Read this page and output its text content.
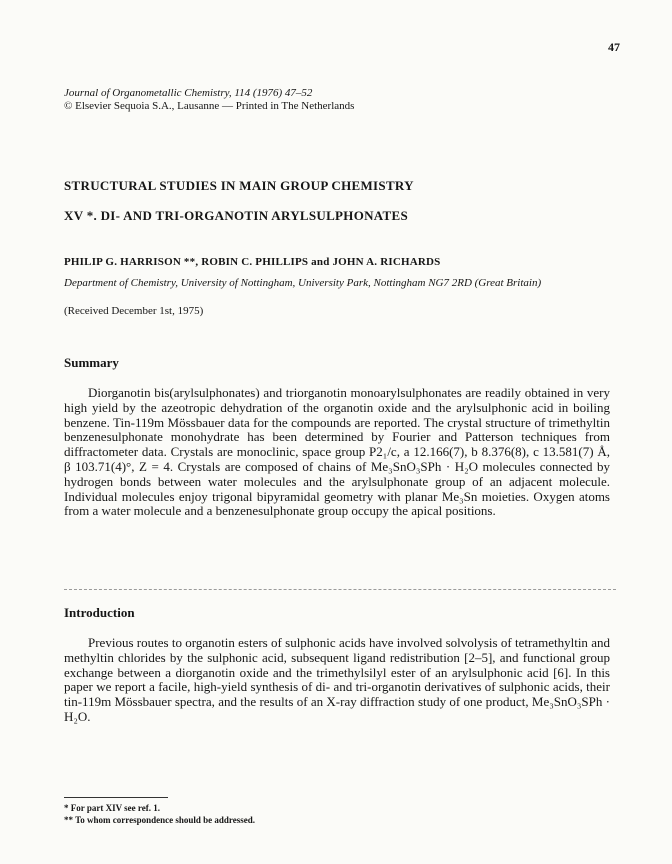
47
Journal of Organometallic Chemistry, 114 (1976) 47–52
© Elsevier Sequoia S.A., Lausanne — Printed in The Netherlands
STRUCTURAL STUDIES IN MAIN GROUP CHEMISTRY
XV *. DI- AND TRI-ORGANOTIN ARYLSULPHONATES
PHILIP G. HARRISON **, ROBIN C. PHILLIPS and JOHN A. RICHARDS
Department of Chemistry, University of Nottingham, University Park, Nottingham NG7 2RD (Great Britain)
(Received December 1st, 1975)
Summary
Diorganotin bis(arylsulphonates) and triorganotin monoarylsulphonates are readily obtained in very high yield by the azeotropic dehydration of the organotin oxide and the arylsulphonic acid in boiling benzene. Tin-119m Mössbauer data for the compounds are reported. The crystal structure of trimethyltin benzenesulphonate monohydrate has been determined by Fourier and Patterson techniques from diffractometer data. Crystals are monoclinic, space group P2₁/c, a 12.166(7), b 8.376(8), c 13.581(7) Å, β 103.71(4)°, Z = 4. Crystals are composed of chains of Me₃SnO₃SPh · H₂O molecules connected by hydrogen bonds between water molecules and the arylsulphonate group of an adjacent molecule. Individual molecules enjoy trigonal bipyramidal geometry with planar Me₃Sn moieties. Oxygen atoms from a water molecule and a benzenesulphonate group occupy the apical positions.
Introduction
Previous routes to organotin esters of sulphonic acids have involved solvolysis of tetramethyltin and methyltin chlorides by the sulphonic acid, subsequent ligand redistribution [2–5], and functional group exchange between a diorganotin oxide and the trimethylsilyl ester of an arylsulphonic acid [6]. In this paper we report a facile, high-yield synthesis of di- and tri-organotin derivatives of sulphonic acids, their tin-119m Mössbauer spectra, and the results of an X-ray diffraction study of one product, Me₃SnO₃SPh · H₂O.
* For part XIV see ref. 1.
** To whom correspondence should be addressed.
